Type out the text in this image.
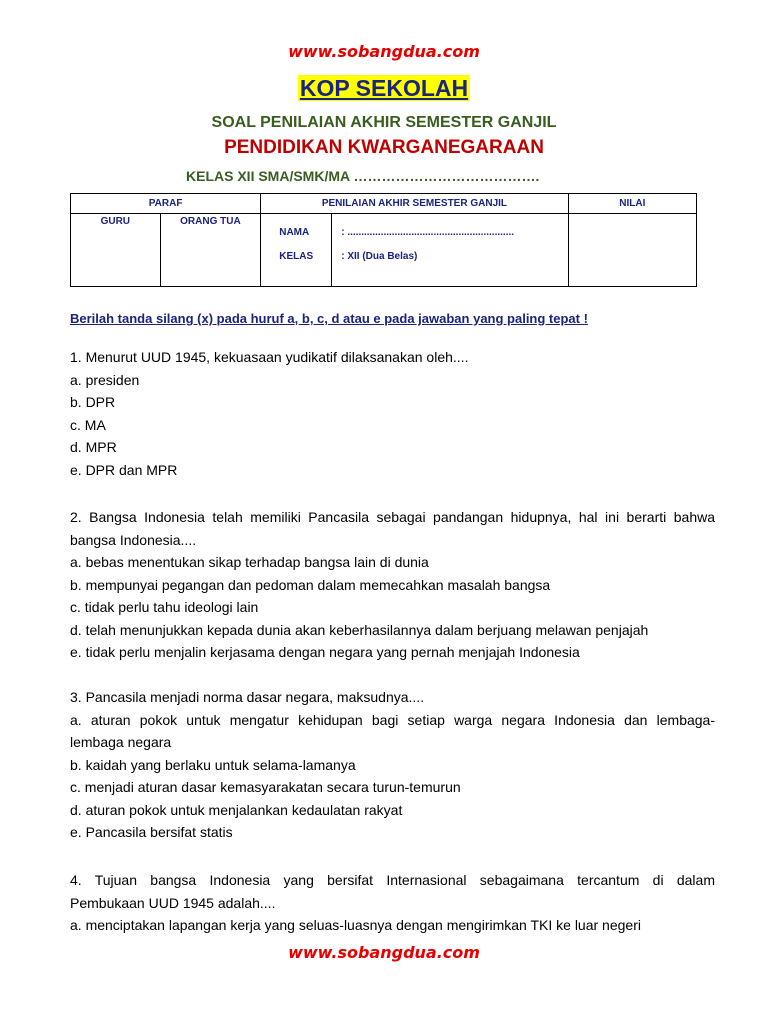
www.sobangdua.com
KOP SEKOLAH
SOAL PENILAIAN AKHIR SEMESTER GANJIL
PENDIDIKAN KWARGANEGARAAN
KELAS XII SMA/SMK/MA ………………………………….
PARAF		PENILAIAN AKHIR SEMESTER GANJIL	NILAI
GURU	ORANG TUA	NAMA : ............................................................
KELAS : XII (Dua Belas)	

Berilah tanda silang (x) pada huruf a, b, c, d atau e pada jawaban yang paling tepat !

1. Menurut UUD 1945, kekuasaan yudikatif dilaksanakan oleh....

a. presiden

b. DPR

c. MA

d. MPR

e. DPR dan MPR

2. Bangsa Indonesia telah memiliki Pancasila sebagai pandangan hidupnya, hal ini berarti bahwa

bangsa Indonesia....

a. bebas menentukan sikap terhadap bangsa lain di dunia

b. mempunyai pegangan dan pedoman dalam memecahkan masalah bangsa

c. tidak perlu tahu ideologi lain

d. telah menunjukkan kepada dunia akan keberhasilannya dalam berjuang melawan penjajah

e. tidak perlu menjalin kerjasama dengan negara yang pernah menjajah Indonesia

3. Pancasila menjadi norma dasar negara, maksudnya....

a. aturan pokok untuk mengatur kehidupan bagi setiap warga negara Indonesia dan lembaga-

lembaga negara

b. kaidah yang berlaku untuk selama-lamanya

c. menjadi aturan dasar kemasyarakatan secara turun-temurun

d. aturan pokok untuk menjalankan kedaulatan rakyat

e. Pancasila bersifat statis

4. Tujuan bangsa Indonesia yang bersifat Internasional sebagaimana tercantum di dalam

Pembukaan UUD 1945 adalah....

a. menciptakan lapangan kerja yang seluas-luasnya dengan mengirimkan TKI ke luar negeri

www.sobangdua.com
